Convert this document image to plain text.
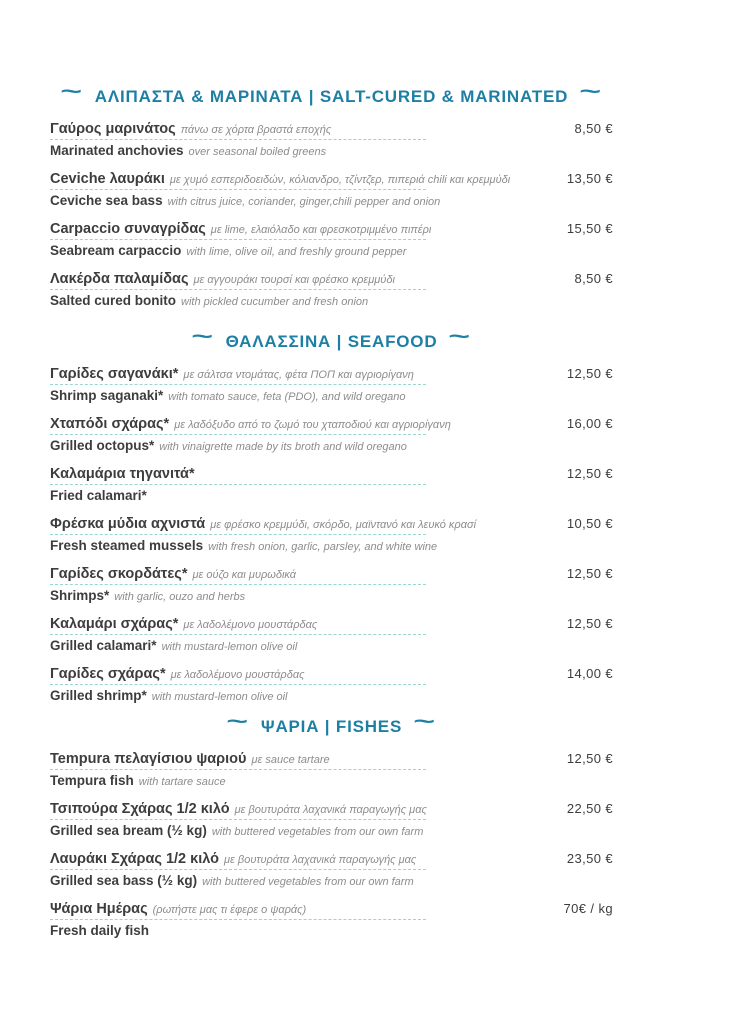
~ ΑΛΙΠΑΣΤΑ & ΜΑΡΙΝΑΤΑ | SALT-CURED & MARINATED ~
Γαύρος μαρινάτος πάνω σε χόρτα βραστά εποχής	8,50 €
Marinated anchovies over seasonal boiled greens
Ceviche λαυράκι με χυμό εσπεριδοειδών, κόλιανδρο, τζίντζερ, πιπεριά chili και κρεμμύδι	13,50 €
Ceviche sea bass with citrus juice, coriander, ginger,chili pepper and onion
Carpaccio συναγρίδας με lime, ελαιόλαδο και φρεσκοτριμμένο πιπέρι	15,50 €
Seabream carpaccio with lime, olive oil, and freshly ground pepper
Λακέρδα παλαμίδας με αγγουράκι τουρσί και φρέσκο κρεμμύδι	8,50 €
Salted cured bonito with pickled cucumber and fresh onion
~ ΘΑΛΑΣΣΙΝΑ | SEAFOOD ~
Γαρίδες σαγανάκι* με σάλτσα ντομάτας, φέτα ΠΟΠ και αγριορίγανη	12,50 €
Shrimp saganaki* with tomato sauce, feta (PDO), and wild oregano
Χταπόδι σχάρας* με λαδόξυδο από το ζωμό του χταποδιού και αγριορίγανη	16,00 €
Grilled octopus* with vinaigrette made by its broth and wild oregano
Καλαμάρια τηγανιτά*	12,50 €
Fried calamari*
Φρέσκα μύδια αχνιστά με φρέσκο κρεμμύδι, σκόρδο, μαϊντανό και λευκό κρασί	10,50 €
Fresh steamed mussels with fresh onion, garlic, parsley, and white wine
Γαρίδες σκορδάτες* με ούζο και μυρωδικά	12,50 €
Shrimps* with garlic, ouzo and herbs
Καλαμάρι σχάρας* με λαδολέμονο μουστάρδας	12,50 €
Grilled calamari* with mustard-lemon olive oil
Γαρίδες σχάρας* με λαδολέμονο μουστάρδας	14,00 €
Grilled shrimp* with mustard-lemon olive oil
~ ΨΑΡΙΑ | FISHES ~
Tempura πελαγίσιου ψαριού με sauce tartare	12,50 €
Tempura fish with tartare sauce
Τσιπούρα Σχάρας 1/2 κιλό με βουτυράτα λαχανικά παραγωγής μας	22,50 €
Grilled sea bream (½ kg) with buttered vegetables from our own farm
Λαυράκι Σχάρας 1/2 κιλό με βουτυράτα λαχανικά παραγωγής μας	23,50 €
Grilled sea bass (½ kg) with buttered vegetables from our own farm
Ψάρια Ημέρας (ρωτήστε μας τι έφερε ο ψαράς)	70€ / kg
Fresh daily fish
